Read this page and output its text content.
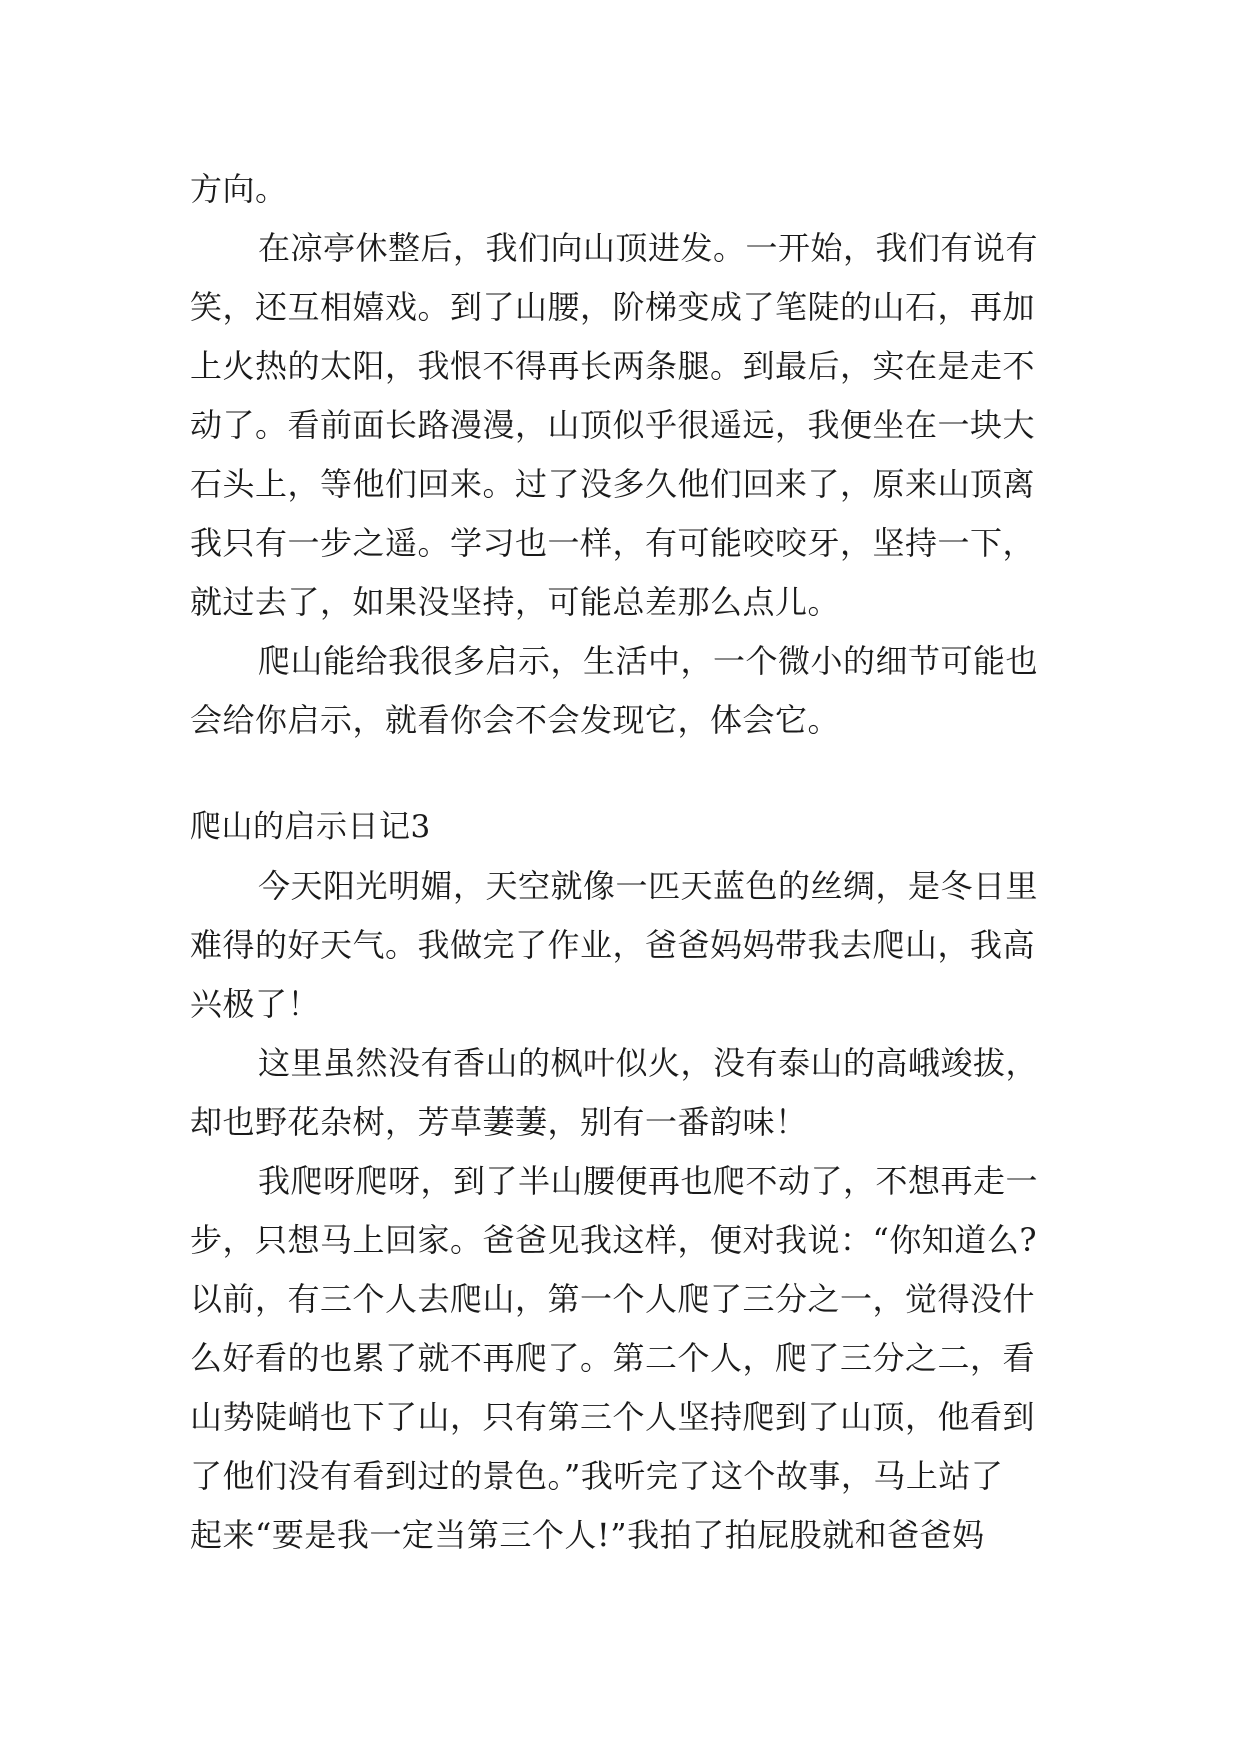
方向。
在凉亭休整后，我们向山顶进发。一开始，我们有说有
笑，还互相嬉戏。到了山腰，阶梯变成了笔陡的山石，再加
上火热的太阳，我恨不得再长两条腿。到最后，实在是走不
动了。看前面长路漫漫，山顶似乎很遥远，我便坐在一块大
石头上，等他们回来。过了没多久他们回来了，原来山顶离
我只有一步之遥。学习也一样，有可能咬咬牙，坚持一下，
就过去了，如果没坚持，可能总差那么点儿。
爬山能给我很多启示，生活中，一个微小的细节可能也
会给你启示，就看你会不会发现它，体会它。
爬山的启示日记3
今天阳光明媚，天空就像一匹天蓝色的丝绸，是冬日里
难得的好天气。我做完了作业，爸爸妈妈带我去爬山，我高
兴极了！
这里虽然没有香山的枫叶似火，没有泰山的高峨竣拔，
却也野花杂树，芳草萋萋，别有一番韵味！
我爬呀爬呀，到了半山腰便再也爬不动了，不想再走一
步，只想马上回家。爸爸见我这样，便对我说：“你知道么?
以前，有三个人去爬山，第一个人爬了三分之一，觉得没什
么好看的也累了就不再爬了。第二个人，爬了三分之二，看
山势陡峭也下了山，只有第三个人坚持爬到了山顶，他看到
了他们没有看到过的景色。”我听完了这个故事，马上站了
起来“要是我一定当第三个人!”我拍了拍屁股就和爸爸妈
